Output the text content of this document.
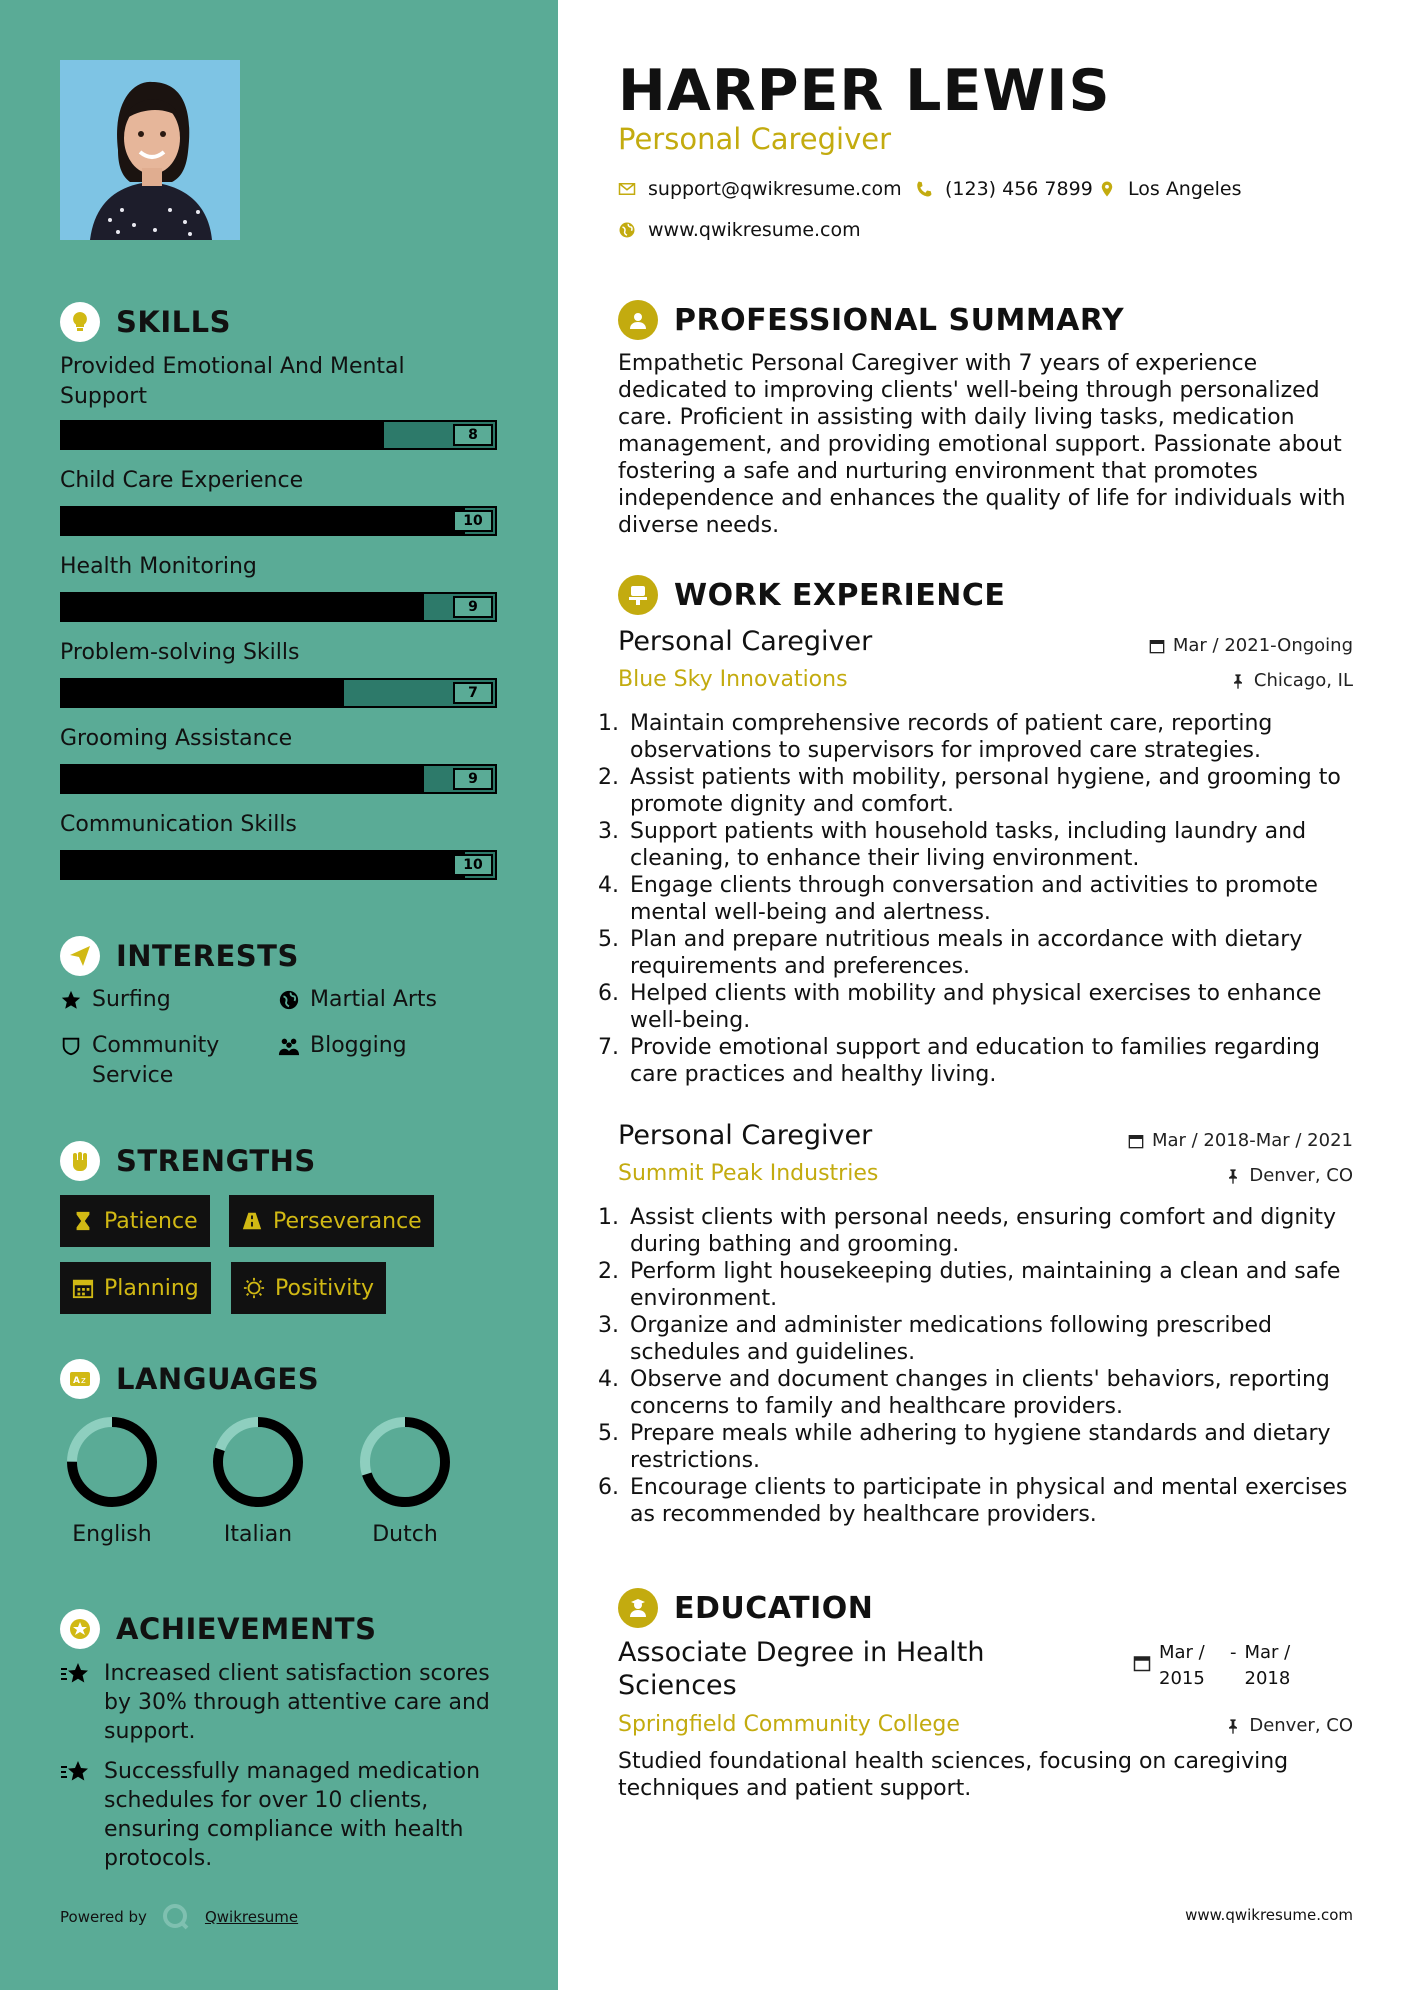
SKILLS
Provided Emotional And Mental Support
8
Child Care Experience
10
Health Monitoring
9
Problem-solving Skills
7
Grooming Assistance
9
Communication Skills
10
INTERESTS
Surfing	Martial Arts
Community Service
Blogging
STRENGTHS
Patience	Perseverance
Planning	Positivity
A z LANGUAGES
English	Italian	Dutch
ACHIEVEMENTS
Increased client satisfaction scores by 30% through attentive care and support.
Successfully managed medication schedules for over 10 clients, ensuring compliance with health protocols.
Powered by	Qwikresume
HARPER LEWIS
Personal Caregiver
support@qwikresume.com (123) 456 7899 Los Angeles
www.qwikresume.com
PROFESSIONAL SUMMARY
Empathetic Personal Caregiver with 7 years of experience dedicated to improving clients' well-being through personalized care. Proficient in assisting with daily living tasks, medication management, and providing emotional support. Passionate about fostering a safe and nurturing environment that promotes independence and enhances the quality of life for individuals with diverse needs.
WORK EXPERIENCE
Personal Caregiver	Mar / 2021-Ongoing
Blue Sky Innovations	Chicago, IL
1. Maintain comprehensive records of patient care, reporting observations to supervisors for improved care strategies.
2. Assist patients with mobility, personal hygiene, and grooming to promote dignity and comfort.
3. Support patients with household tasks, including laundry and cleaning, to enhance their living environment.
4. Engage clients through conversation and activities to promote mental well-being and alertness.
5. Plan and prepare nutritious meals in accordance with dietary requirements and preferences.
6. Helped clients with mobility and physical exercises to enhance well-being.
7. Provide emotional support and education to families regarding care practices and healthy living.
Personal Caregiver	Mar / 2018-Mar / 2021
Summit Peak Industries	Denver, CO
1. Assist clients with personal needs, ensuring comfort and dignity during bathing and grooming.
2. Perform light housekeeping duties, maintaining a clean and safe environment.
3. Organize and administer medications following prescribed schedules and guidelines.
4. Observe and document changes in clients' behaviors, reporting concerns to family and healthcare providers.
5. Prepare meals while adhering to hygiene standards and dietary restrictions.
6. Encourage clients to participate in physical and mental exercises as recommended by healthcare providers.
EDUCATION
Associate Degree in Health Sciences
Mar / 2015
- Mar / 2018
Springfield Community College	Denver, CO
Studied foundational health sciences, focusing on caregiving techniques and patient support.
www.qwikresume.com
